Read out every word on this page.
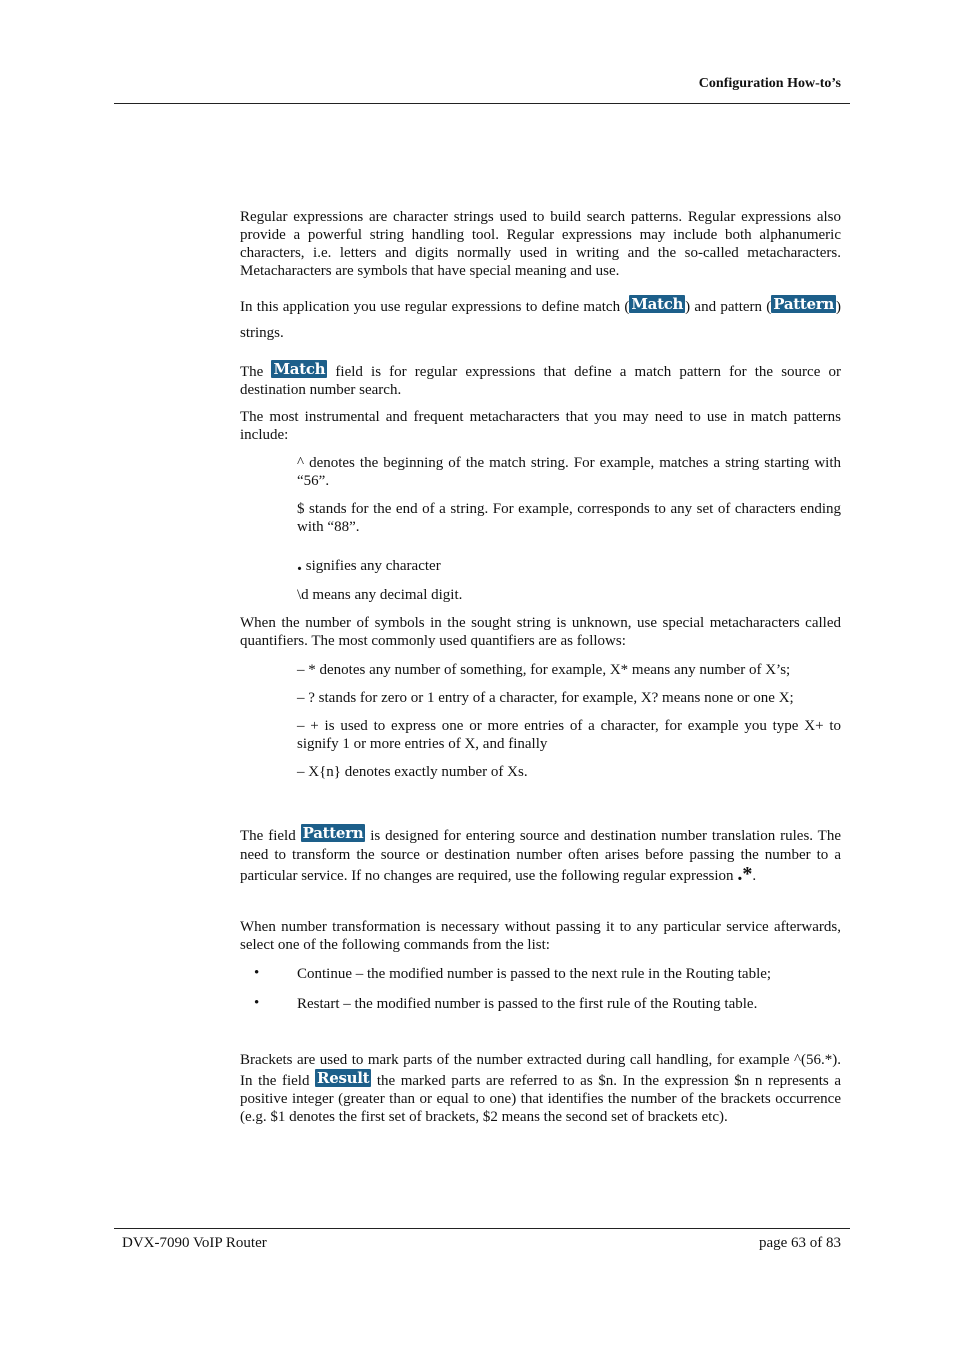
Configuration How-to’s
Regular expressions are character strings used to build search patterns. Regular expressions also provide a powerful string handling tool. Regular expressions may include both alphanumeric characters, i.e. letters and digits normally used in writing and the so-called metacharacters. Metacharacters are symbols that have special meaning and use.
In this application you use regular expressions to define match ( Match ) and pattern ( Pattern ) strings.
The Match field is for regular expressions that define a match pattern for the source or destination number search.
The most instrumental and frequent metacharacters that you may need to use in match patterns include:
^ denotes the beginning of the match string. For example, matches a string starting with “56”.
$ stands for the end of a string. For example, corresponds to any set of characters ending with “88”.
. signifies any character
\d means any decimal digit.
When the number of symbols in the sought string is unknown, use special metacharacters called quantifiers. The most commonly used quantifiers are as follows:
– * denotes any number of something, for example, X* means any number of X’s;
– ? stands for zero or 1 entry of a character, for example, X? means none or one X;
– + is used to express one or more entries of a character, for example you type X+ to signify 1 or more entries of X, and finally
– X{n} denotes exactly number of Xs.
The field Pattern is designed for entering source and destination number translation rules. The need to transform the source or destination number often arises before passing the number to a particular service. If no changes are required, use the following regular expression .*.
When number transformation is necessary without passing it to any particular service afterwards, select one of the following commands from the list:
•	Continue – the modified number is passed to the next rule in the Routing table;
•	Restart – the modified number is passed to the first rule of the Routing table.
Brackets are used to mark parts of the number extracted during call handling, for example ^(56.*). In the field Result the marked parts are referred to as $n. In the expression $n n represents a positive integer (greater than or equal to one) that identifies the number of the brackets occurrence (e.g. $1 denotes the first set of brackets, $2 means the second set of brackets etc).
DVX-7090 VoIP Router	page 63 of 83
